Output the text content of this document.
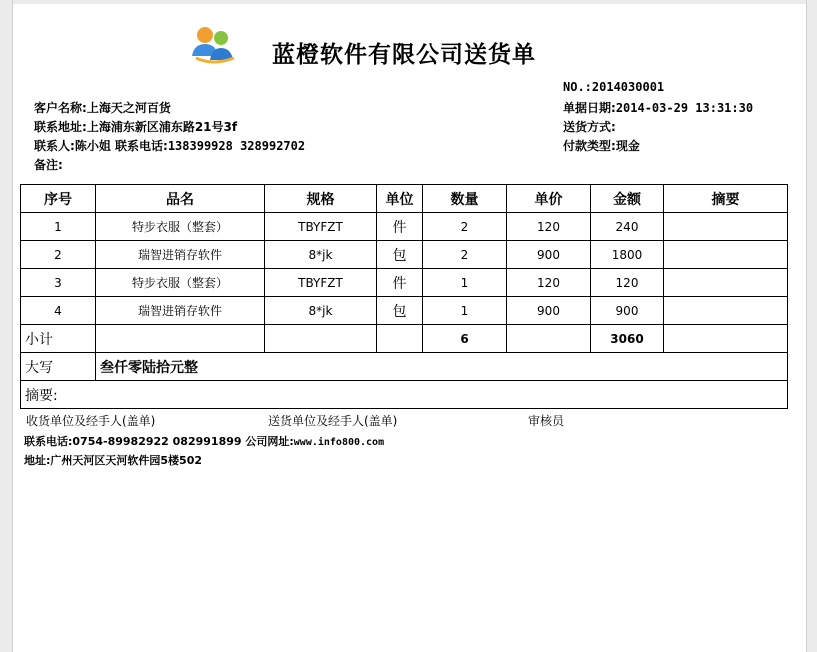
蓝橙软件有限公司送货单
NO.:2014030001
单据日期:2014-03-29 13:31:30
送货方式:
付款类型:现金
客户名称:上海天之河百货
联系地址:上海浦东新区浦东路21号3f
联系人:陈小姐 联系电话:138399928 328992702
备注:
序号	品名	规格	单位	数量	单价	金额	摘要
1	特步衣服（整套）	TBYFZT	件	2	120	240	
2	瑞智进销存软件	8*jk	包	2	900	1800	
3	特步衣服（整套）	TBYFZT	件	1	120	120	
4	瑞智进销存软件	8*jk	包	1	900	900	
小计				6		3060	
大写	叁仟零陆拾元整						
摘要:							
收货单位及经手人(盖单)	送货单位及经手人(盖单)	审核员
联系电话:0754-89982922 082991899 公司网址:www.info800.com
地址:广州天河区天河软件园5楼502
